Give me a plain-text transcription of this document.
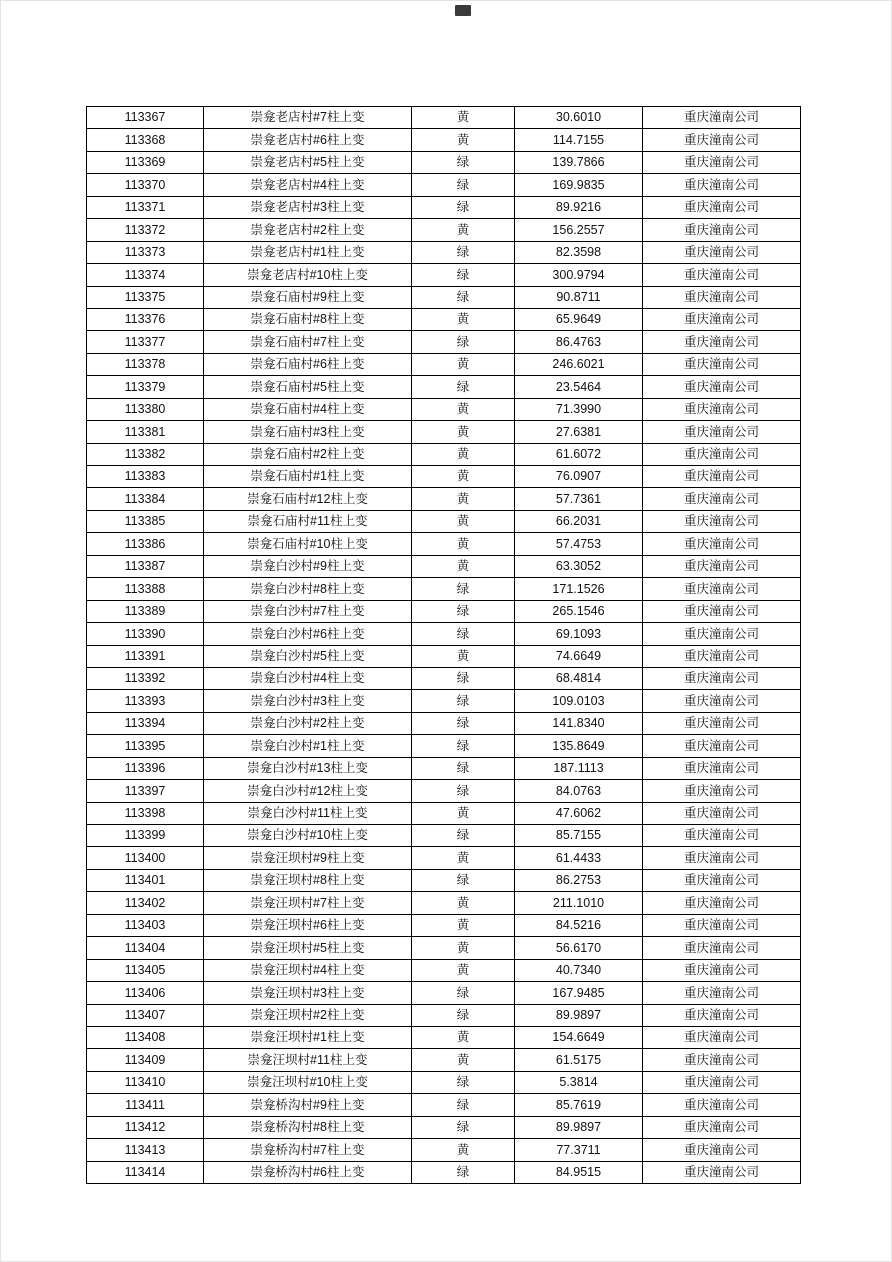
113367	崇龛老店村#7柱上变	黄	30.6010	重庆潼南公司
113368	崇龛老店村#6柱上变	黄	114.7155	重庆潼南公司
113369	崇龛老店村#5柱上变	绿	139.7866	重庆潼南公司
113370	崇龛老店村#4柱上变	绿	169.9835	重庆潼南公司
113371	崇龛老店村#3柱上变	绿	89.9216	重庆潼南公司
113372	崇龛老店村#2柱上变	黄	156.2557	重庆潼南公司
113373	崇龛老店村#1柱上变	绿	82.3598	重庆潼南公司
113374	崇龛老店村#10柱上变	绿	300.9794	重庆潼南公司
113375	崇龛石庙村#9柱上变	绿	90.8711	重庆潼南公司
113376	崇龛石庙村#8柱上变	黄	65.9649	重庆潼南公司
113377	崇龛石庙村#7柱上变	绿	86.4763	重庆潼南公司
113378	崇龛石庙村#6柱上变	黄	246.6021	重庆潼南公司
113379	崇龛石庙村#5柱上变	绿	23.5464	重庆潼南公司
113380	崇龛石庙村#4柱上变	黄	71.3990	重庆潼南公司
113381	崇龛石庙村#3柱上变	黄	27.6381	重庆潼南公司
113382	崇龛石庙村#2柱上变	黄	61.6072	重庆潼南公司
113383	崇龛石庙村#1柱上变	黄	76.0907	重庆潼南公司
113384	崇龛石庙村#12柱上变	黄	57.7361	重庆潼南公司
113385	崇龛石庙村#11柱上变	黄	66.2031	重庆潼南公司
113386	崇龛石庙村#10柱上变	黄	57.4753	重庆潼南公司
113387	崇龛白沙村#9柱上变	黄	63.3052	重庆潼南公司
113388	崇龛白沙村#8柱上变	绿	171.1526	重庆潼南公司
113389	崇龛白沙村#7柱上变	绿	265.1546	重庆潼南公司
113390	崇龛白沙村#6柱上变	绿	69.1093	重庆潼南公司
113391	崇龛白沙村#5柱上变	黄	74.6649	重庆潼南公司
113392	崇龛白沙村#4柱上变	绿	68.4814	重庆潼南公司
113393	崇龛白沙村#3柱上变	绿	109.0103	重庆潼南公司
113394	崇龛白沙村#2柱上变	绿	141.8340	重庆潼南公司
113395	崇龛白沙村#1柱上变	绿	135.8649	重庆潼南公司
113396	崇龛白沙村#13柱上变	绿	187.1113	重庆潼南公司
113397	崇龛白沙村#12柱上变	绿	84.0763	重庆潼南公司
113398	崇龛白沙村#11柱上变	黄	47.6062	重庆潼南公司
113399	崇龛白沙村#10柱上变	绿	85.7155	重庆潼南公司
113400	崇龛汪坝村#9柱上变	黄	61.4433	重庆潼南公司
113401	崇龛汪坝村#8柱上变	绿	86.2753	重庆潼南公司
113402	崇龛汪坝村#7柱上变	黄	211.1010	重庆潼南公司
113403	崇龛汪坝村#6柱上变	黄	84.5216	重庆潼南公司
113404	崇龛汪坝村#5柱上变	黄	56.6170	重庆潼南公司
113405	崇龛汪坝村#4柱上变	黄	40.7340	重庆潼南公司
113406	崇龛汪坝村#3柱上变	绿	167.9485	重庆潼南公司
113407	崇龛汪坝村#2柱上变	绿	89.9897	重庆潼南公司
113408	崇龛汪坝村#1柱上变	黄	154.6649	重庆潼南公司
113409	崇龛汪坝村#11柱上变	黄	61.5175	重庆潼南公司
113410	崇龛汪坝村#10柱上变	绿	5.3814	重庆潼南公司
113411	崇龛桥沟村#9柱上变	绿	85.7619	重庆潼南公司
113412	崇龛桥沟村#8柱上变	绿	89.9897	重庆潼南公司
113413	崇龛桥沟村#7柱上变	黄	77.3711	重庆潼南公司
113414	崇龛桥沟村#6柱上变	绿	84.9515	重庆潼南公司
